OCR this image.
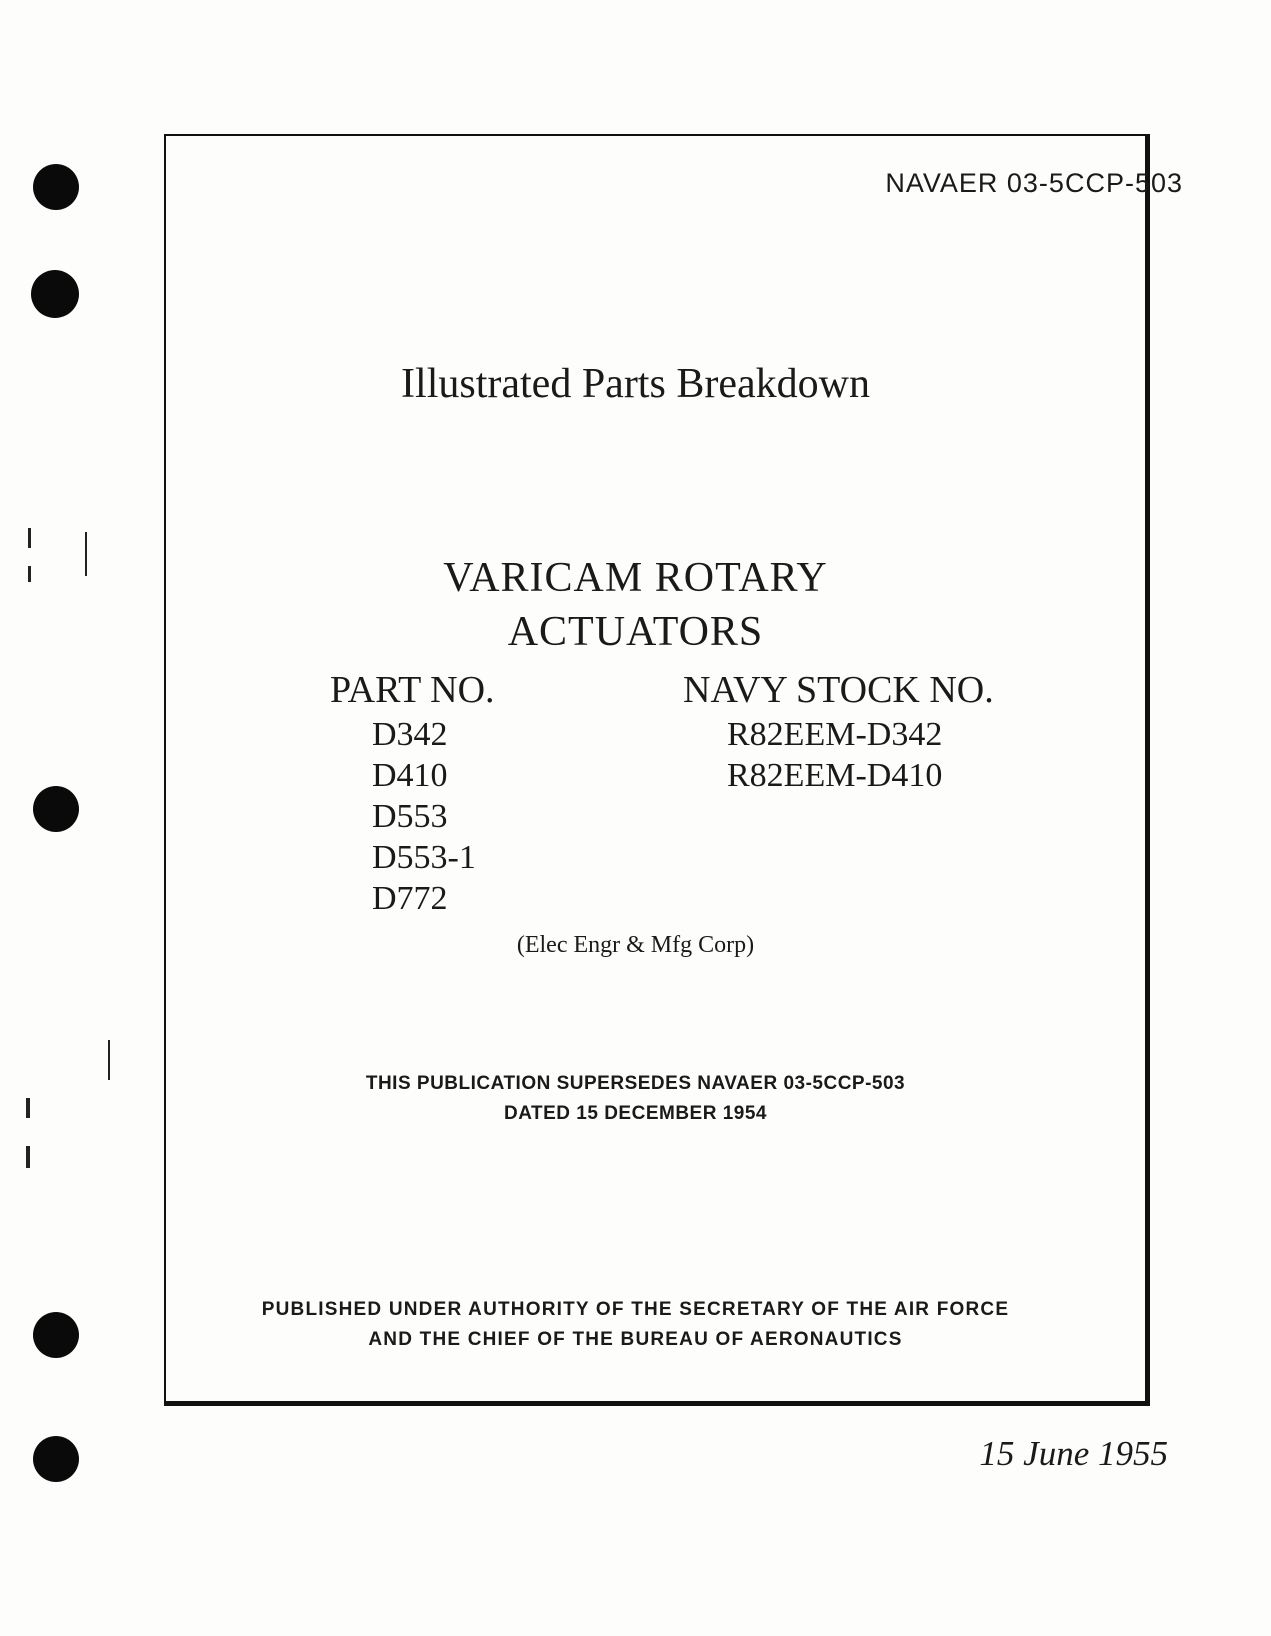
NAVAER 03-5CCP-503
Illustrated Parts Breakdown
VARICAM ROTARY
ACTUATORS
PART NO.	NAVY STOCK NO.
D342
D410
D553
D553-1
D772
R82EEM-D342
R82EEM-D410
(Elec Engr & Mfg Corp)
THIS PUBLICATION SUPERSEDES NAVAER 03-5CCP-503
DATED 15 DECEMBER 1954
PUBLISHED UNDER AUTHORITY OF THE SECRETARY OF THE AIR FORCE
AND THE CHIEF OF THE BUREAU OF AERONAUTICS
15 June 1955
